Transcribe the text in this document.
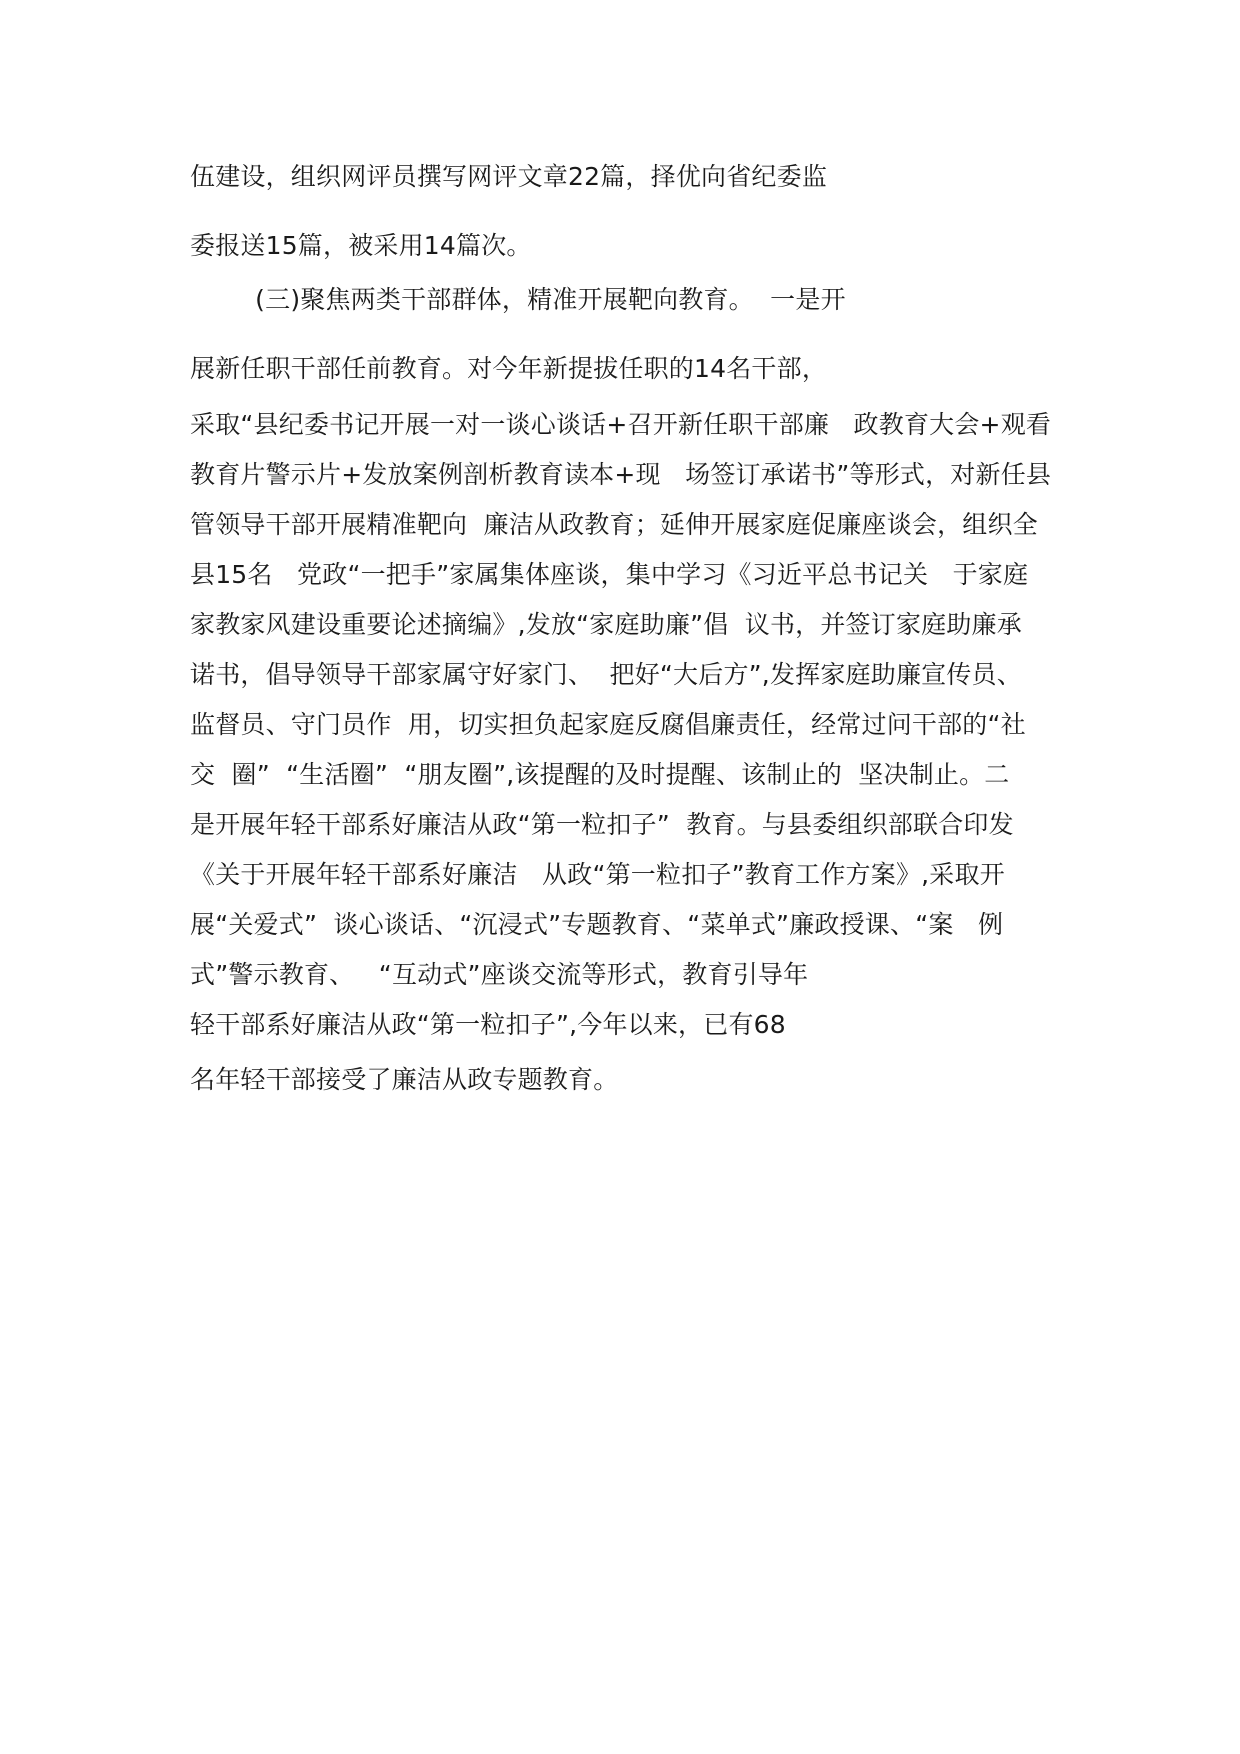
伍建设，组织网评员撰写网评文章22篇，择优向省纪委监
委报送15篇，被采用14篇次。
(三)聚焦两类干部群体，精准开展靶向教育。  一是开
展新任职干部任前教育。对今年新提拔任职的14名干部，
采取“县纪委书记开展一对一谈心谈话+召开新任职干部廉   政教育大会+观看
教育片警示片+发放案例剖析教育读本+现   场签订承诺书”等形式，对新任县
管领导干部开展精准靶向  廉洁从政教育；延伸开展家庭促廉座谈会，组织全
县15名   党政“一把手”家属集体座谈，集中学习《习近平总书记关   于家庭
家教家风建设重要论述摘编》,发放“家庭助廉”倡  议书，并签订家庭助廉承
诺书，倡导领导干部家属守好家门、  把好“大后方”,发挥家庭助廉宣传员、
监督员、守门员作  用，切实担负起家庭反腐倡廉责任，经常过问干部的“社
交  圈”  “生活圈”  “朋友圈”,该提醒的及时提醒、该制止的  坚决制止。二
是开展年轻干部系好廉洁从政“第一粒扣子”  教育。与县委组织部联合印发
《关于开展年轻干部系好廉洁   从政“第一粒扣子”教育工作方案》,采取开
展“关爱式”  谈心谈话、“沉浸式”专题教育、“菜单式”廉政授课、“案   例
式”警示教育、   “互动式”座谈交流等形式，教育引导年
轻干部系好廉洁从政“第一粒扣子”,今年以来，已有68
名年轻干部接受了廉洁从政专题教育。
